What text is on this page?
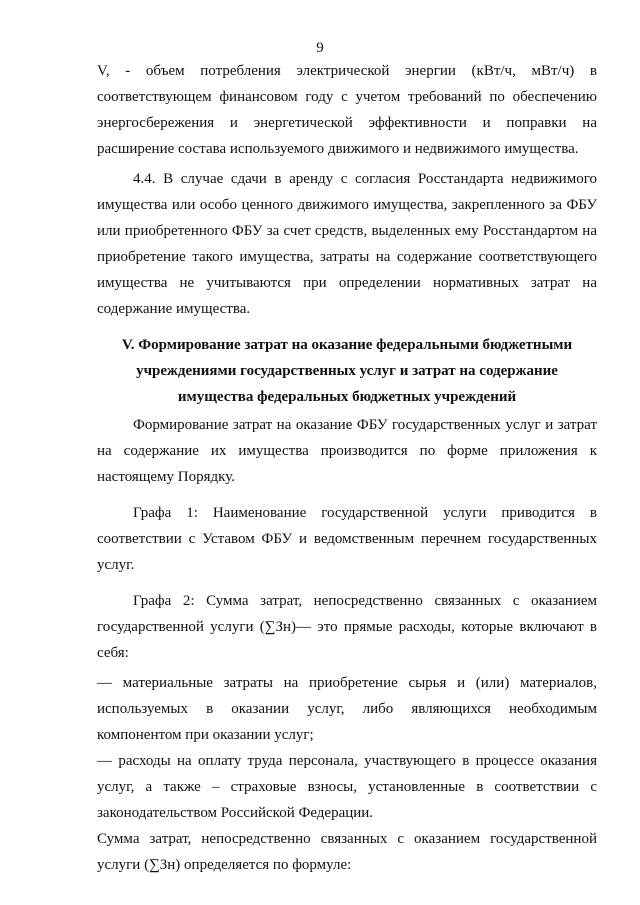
9

V, - объем потребления электрической энергии (кВт/ч, мВт/ч) в соответствующем финансовом году с учетом требований по обеспечению энергосбережения и энергетической эффективности и поправки на расширение состава используемого движимого и недвижимого имущества.

4.4. В случае сдачи в аренду с согласия Росстандарта недвижимого имущества или особо ценного движимого имущества, закрепленного за ФБУ или приобретенного ФБУ за счет средств, выделенных ему Росстандартом на приобретение такого имущества, затраты на содержание соответствующего имущества не учитываются при определении нормативных затрат на содержание имущества.

V. Формирование затрат на оказание федеральными бюджетными учреждениями государственных услуг и затрат на содержание имущества федеральных бюджетных учреждений

Формирование затрат на оказание ФБУ государственных услуг и затрат на содержание их имущества производится по форме приложения к настоящему Порядку.

Графа 1: Наименование государственной услуги приводится в соответствии с Уставом ФБУ и ведомственным перечнем государственных услуг.

Графа 2: Сумма затрат, непосредственно связанных с оказанием государственной услуги (∑Зн)— это прямые расходы, которые включают в себя:

— материальные затраты на приобретение сырья и (или) материалов, используемых в оказании услуг, либо являющихся необходимым компонентом при оказании услуг;

— расходы на оплату труда персонала, участвующего в процессе оказания услуг, а также – страховые взносы, установленные в соответствии с законодательством Российской Федерации.

Сумма затрат, непосредственно связанных с оказанием государственной услуги (∑Зн) определяется по формуле:
